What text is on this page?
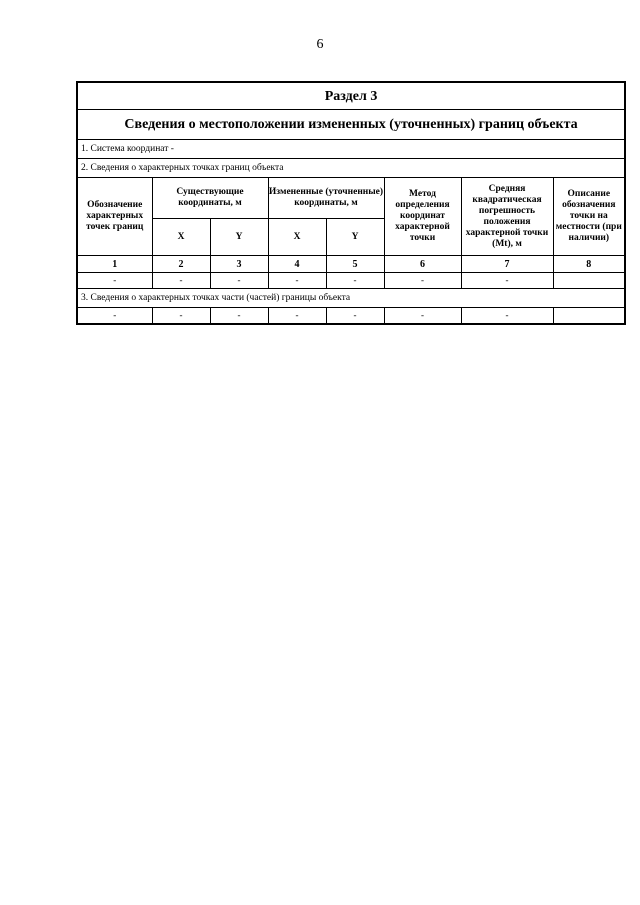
6
Раздел 3							
Сведения о местоположении измененных (уточненных) границ объекта							
1. Система координат -							
2. Сведения о характерных точках границ объекта							
Обозначение характерных точек границ	Существующие координаты, м		Измененные (уточненные) координаты, м		Метод определения координат характерной точки	Средняя квадратическая погрешность положения характерной точки (Mt), м	Описание обозначения точки на местности (при наличии)
	X	Y	X	Y			
1	2	3	4	5	6	7	8
-	-	-	-	-	-	-	
3. Сведения о характерных точках части (частей) границы объекта							
-	-	-	-	-	-	-	
